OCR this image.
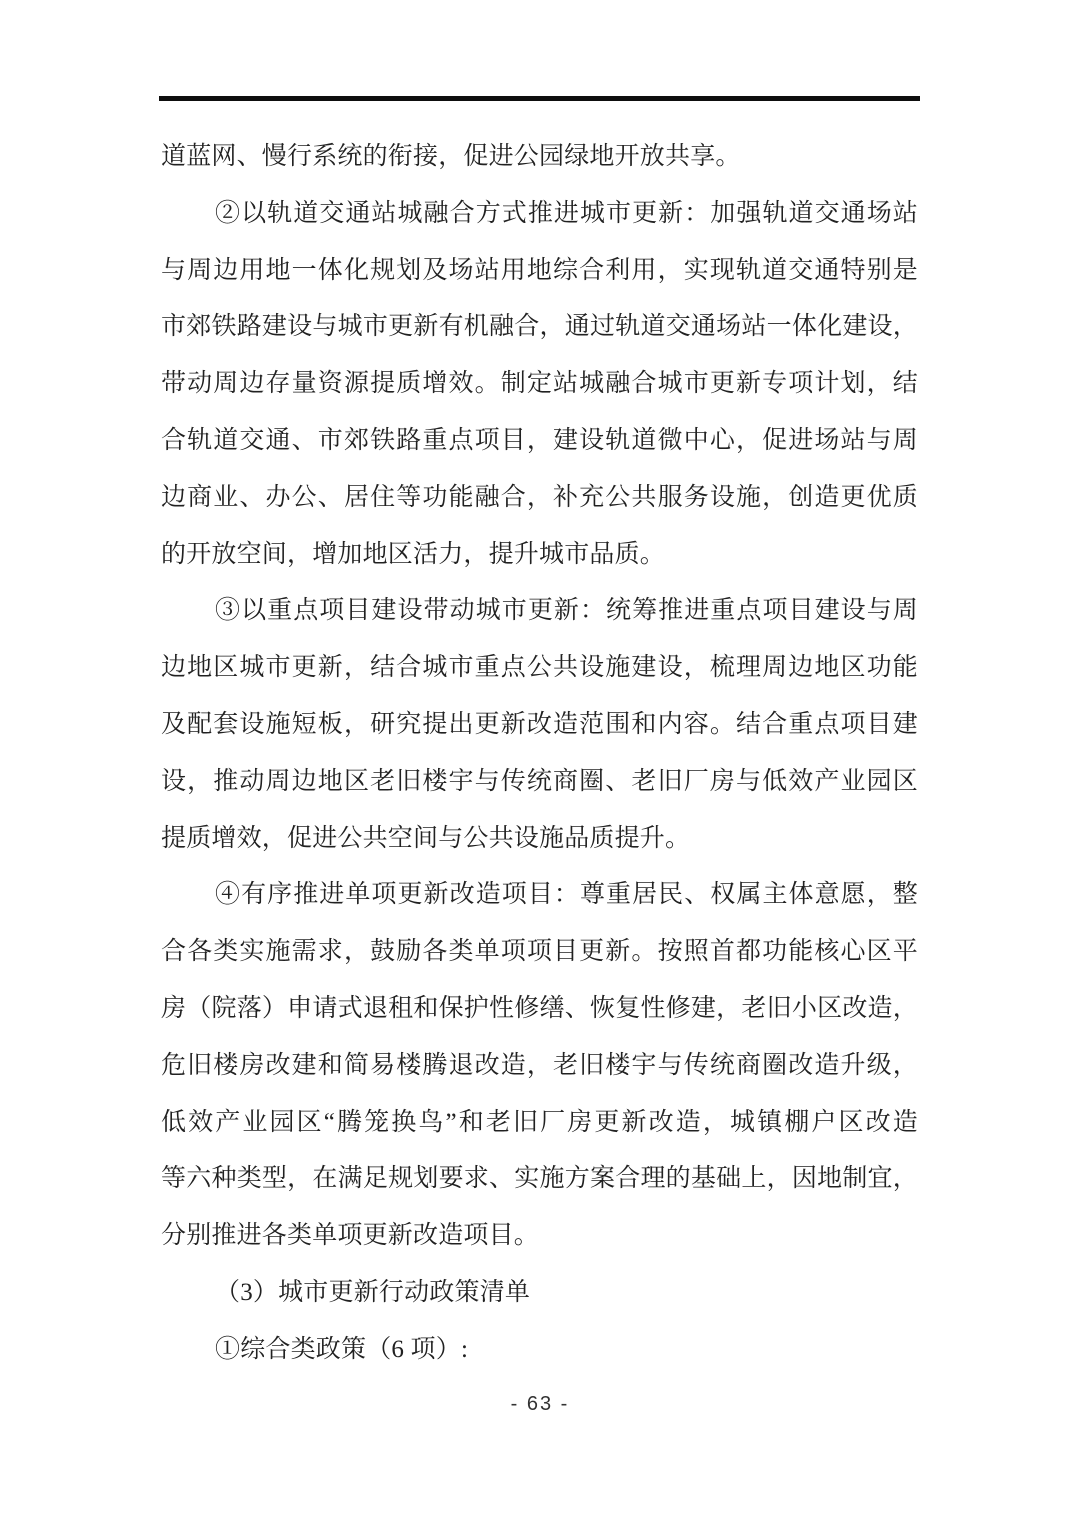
道蓝网、慢行系统的衔接，促进公园绿地开放共享。
②以轨道交通站城融合方式推进城市更新：加强轨道交通场站
与周边用地一体化规划及场站用地综合利用，实现轨道交通特别是
市郊铁路建设与城市更新有机融合，通过轨道交通场站一体化建设，
带动周边存量资源提质增效。制定站城融合城市更新专项计划，结
合轨道交通、市郊铁路重点项目，建设轨道微中心，促进场站与周
边商业、办公、居住等功能融合，补充公共服务设施，创造更优质
的开放空间，增加地区活力，提升城市品质。
③以重点项目建设带动城市更新：统筹推进重点项目建设与周
边地区城市更新，结合城市重点公共设施建设，梳理周边地区功能
及配套设施短板，研究提出更新改造范围和内容。结合重点项目建
设，推动周边地区老旧楼宇与传统商圈、老旧厂房与低效产业园区
提质增效，促进公共空间与公共设施品质提升。
④有序推进单项更新改造项目：尊重居民、权属主体意愿，整
合各类实施需求，鼓励各类单项项目更新。按照首都功能核心区平
房（院落）申请式退租和保护性修缮、恢复性修建，老旧小区改造，
危旧楼房改建和简易楼腾退改造，老旧楼宇与传统商圈改造升级，
低效产业园区“腾笼换鸟”和老旧厂房更新改造，城镇棚户区改造
等六种类型，在满足规划要求、实施方案合理的基础上，因地制宜，
分别推进各类单项更新改造项目。
（3）城市更新行动政策清单
①综合类政策（6 项）:
- 63 -
